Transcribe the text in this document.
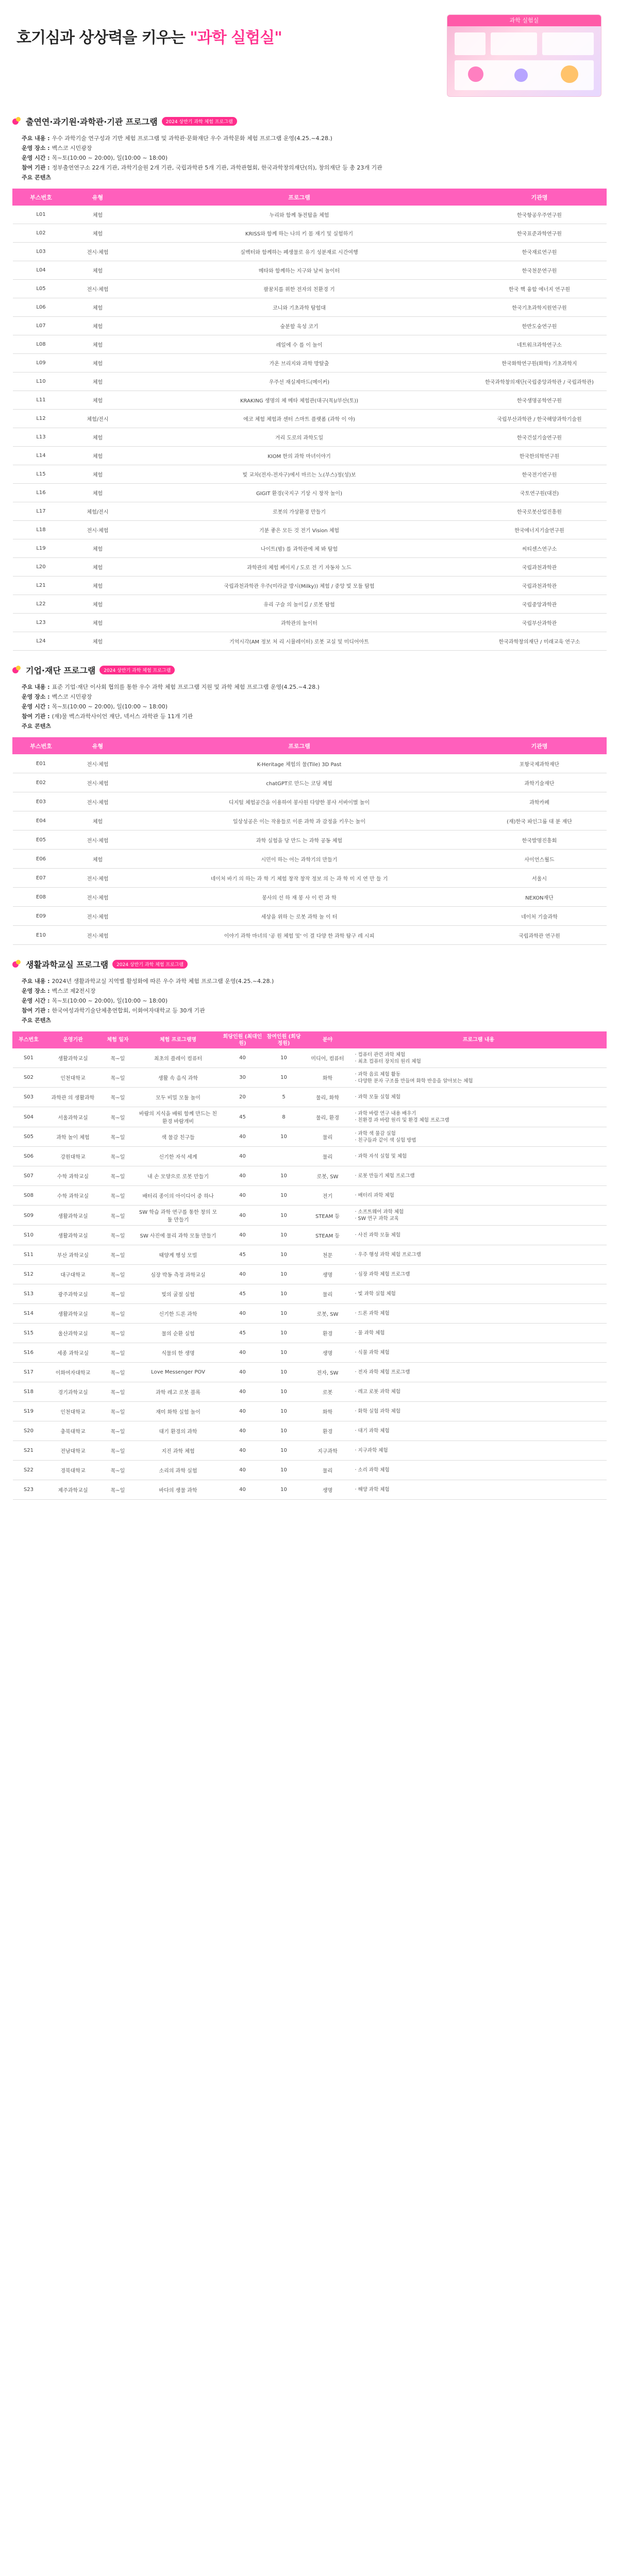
호기심과 상상력을 키우는 "과학 실험실"
과학 실험실
출연연·과기원·과학관·기관 프로그램	2024 상반기 과학 체험 프로그램

주요 내용 : 우수 과학기술 연구성과 기반 체험 프로그램 및 과학관·문화재단 우수 과학문화 체험 프로그램 운영(4.25.~4.28.)

운영 장소 : 벡스코 시민광장

운영 시간 : 목~토(10:00 ~ 20:00), 일(10:00 ~ 18:00)

참여 기관 : 정부출연연구소 22개 기관, 과학기술원 2개 기관, 국립과학관 5개 기관, 과학관협회, 한국과학창의재단(의), 창의재단 등 총 23개 기관

주요 콘텐츠

부스번호	유형	프로그램	기관명
L01	체험	누리와 함께 동전탑을 체험	한국항공우주연구원
L02	체험	KRISS와 함께 하는 나의 키 몸 재기 및 실험하기	한국표준과학연구원
L03	전시·체험	실벡터와 함께하는 폐생물로 유기 성분재료 시간여행	한국재료연구원
L04	체험	메타와 함께하는 지구와 날씨 놀이터	한국천문연구원
L05	전시·체험	팔꿈치를 위한 전자의 친환경 기	한국 핵 융합 에너지 연구원
L06	체험	코니와 기초과학 탐험대	한국기초과학지원연구원
L07	체험	숲분할 육성 코기	한반도숲연구원
L08	체험	레일에 수 를 이 놀이	네트워크과학연구소
L09	체험	가온 브리지와 과학 방탈출	한국화학연구원(화학) 기초과학지
L10	체험	우주선 재실제마드(메이커)	한국과학창의재단(국립중앙과학관 / 국립과학관)
L11	체험	KRAKING 생명의 체 메타 체험관(대구(목)/부산(토))	한국생명공학연구원
L12	체험/전시	에코 체험 체험과 센터 스마트 플랫폼 (과학 이 야)	국립부산과학관 / 한국해양과학기술원
L13	체험	거리 도로의 과학도일	한국건설기술연구원
L14	체험	KIOM 한의 과학 마녀이야기	한국한의학연구원
L15	체험	빛 교차(전자-전자구)에서 마르는 노(부스)정(성)보	한국전기연구원
L16	체험	GIGIT 환경(국지구 기상 시 창작 놀이)	국토연구원(대전)
L17	체험/전시	로봇의 가상환경 만들기	한국로봇산업진흥원
L18	전시·체험	기분 좋은 모든 것 전기 Vision 체험	한국에너지기술연구원
L19	체험	나이트(밤) 를 과학관에 체 봐 탐험	씨티센스연구소
L20	체험	과학관의 체험 페이지 / 도로 전 기 자동차 노드	국립과천과학관
L21	체험	국립과천과학관 우주(미라클 방시(Milky)) 체험 / 중앙 빛 모듈 탐험	국립과천과학관
L22	체험	유리 구슬 의 놀이길 / 로봇 탐험	국립중앙과학관
L23	체험	과학관의 놀이터	국립부산과학관
L24	체험	기억시각(AM 정보 처 리 시뮬레이터) 로봇 교실 및 미디어아트	한국과학창의재단 / 미래교육 연구소
기업·재단 프로그램	2024 상반기 과학 체험 프로그램

주요 내용 : 표준 기업·재단 이사회 협의를 통한 우수 과학 체험 프로그램 지원 및 과학 체험 프로그램 운영(4.25.~4.28.)

운영 장소 : 벡스코 시민광장

운영 시간 : 목~토(10:00 ~ 20:00), 일(10:00 ~ 18:00)

참여 기관 : (재)물 벡스과학사이언 재단, 넥서스 과학관 등 11개 기관

주요 콘텐츠

부스번호	유형	프로그램	기관명
E01	전시·체험	K-Heritage 체험의 물(Tile) 3D Past	포항국제과학재단
E02	전시·체험	chatGPT로 만드는 코딩 체험	과학기술재단
E03	전시·체험	디지털 체험공간을 이용하여 봉사원 다양한 봉사 서바이벌 놀이	과학카페
E04	체험	일상성공은 이는 작용들로 이룬 과학 과 감정을 키우는 놀이	(재)한국 파인그룹 대 분 재단
E05	전시·체험	과학 실험을 당 만드 는 과학 공동 체험	한국발명진흥회
E06	체험	시민이 하는 어는 과학기의 만들기	사이언스월드
E07	전시·체험	네이처 바기 의 하는 과 학 기 체험 창작 창작 정보 의 는 과 학 미 지 연 만 들 기	서울시
E08	전시·체험	봉사의 선 하 재 봉 사 이 런 과 학	NEXON재단
E09	전시·체험	세상을 위하 는 로봇 과학 놀 이 터	네이처 기술과학
E10	전시·체험	이야기 과학 마녀의 '공 원 체험 및' 이 결 다양 한 과학 탐구 레 시피	국립과학관 연구원
생활과학교실 프로그램	2024 상반기 과학 체험 프로그램

주요 내용 : 2024년 생활과학교실 지역별 활성화에 따른 우수 과학 체험 프로그램 운영(4.25.~4.28.)

운영 장소 : 벡스코 제2전시장

운영 시간 : 목~토(10:00 ~ 20:00), 일(10:00 ~ 18:00)

참여 기관 : 한국여성과학기술단체총연합회, 이화여자대학교 등 30개 기관

주요 콘텐츠

부스번호	운영기관	체험 일자	체험 프로그램명	회당인원 (최대인원)	참여인원 (회당 정원)	분야	프로그램 내용
S01	생활과학교실	목~일	최초의 플레이 컴퓨터	40	10	미디어, 컴퓨터	· 컴퓨터 관련 과학 체험
· 최초 컴퓨터 장치의 원리 체험
S02	인천대학교	목~일	생활 속 음식 과학	30	10	화학	· 과학 음료 체험 활동
· 다양한 분자 구조를 만들며 화학 반응을 알아보는 체험
S03	과학관 의 생활과학	목~일	모두 비밀 모듈 놀이	20	5	물리, 화학	· 과학 모듈 실험 체험
S04	서울과학교실	목~일	바람의 지식을 배워 함께 만드는 친환경 바람개비	45	8	물리, 환경	· 과학 바람 연구 내용 배우기
· 친환경 과 바람 원리 및 환경 체험 프로그램
S05	과학 놀이 체험	목~일	색 물감 친구들	40	10	물리	· 과학 색 물감 실험
· 친구들과 같이 색 실험 방법
S06	강원대학교	목~일	신기한 자석 세계	40		물리	· 과학 자석 실험 및 체험
S07	수학 과학교실	목~일	내 손 모양으로 로봇 만들기	40	10	로봇, SW	· 로봇 만들기 체험 프로그램
S08	수학 과학교실	목~일	배터리 종이의 아이디어 중 하나	40	10	전기	· 배터리 과학 체험
S09	생활과학교실	목~일	SW 학습 과학 연구를 통한 창의 모듈 만들기	40	10	STEAM 등	· 소프트웨어 과학 체험
· SW 연구 과학 교육
S10	생활과학교실	목~일	SW 사진에 물리 과학 모듈 만들기	40	10	STEAM 등	· 사진 과학 모듈 체험
S11	부산 과학교실	목~일	태양계 행성 모빌	45	10	천문	· 우주 행성 과학 체험 프로그램
S12	대구대학교	목~일	심장 박동 측정 과학교실	40	10	생명	· 심장 과학 체험 프로그램
S13	광주과학교실	목~일	빛의 굴절 실험	45	10	물리	· 빛 과학 실험 체험
S14	생활과학교실	목~일	신기한 드론 과학	40	10	로봇, SW	· 드론 과학 체험
S15	울산과학교실	목~일	물의 순환 실험	45	10	환경	· 물 과학 체험
S16	세종 과학교실	목~일	식물의 한 생명	40	10	생명	· 식물 과학 체험
S17	이화여자대학교	목~일	Love Messenger POV	40	10	전자, SW	· 전자 과학 체험 프로그램
S18	경기과학교실	목~일	과학 레고 로봇 블록	40	10	로봇	· 레고 로봇 과학 체험
S19	인천대학교	목~일	재미 화학 실험 놀이	40	10	화학	· 화학 실험 과학 체험
S20	충북대학교	목~일	대기 환경의 과학	40	10	환경	· 대기 과학 체험
S21	전남대학교	목~일	지진 과학 체험	40	10	지구과학	· 지구과학 체험
S22	경북대학교	목~일	소리의 과학 실험	40	10	물리	· 소리 과학 체험
S23	제주과학교실	목~일	바다의 생물 과학	40	10	생명	· 해양 과학 체험
